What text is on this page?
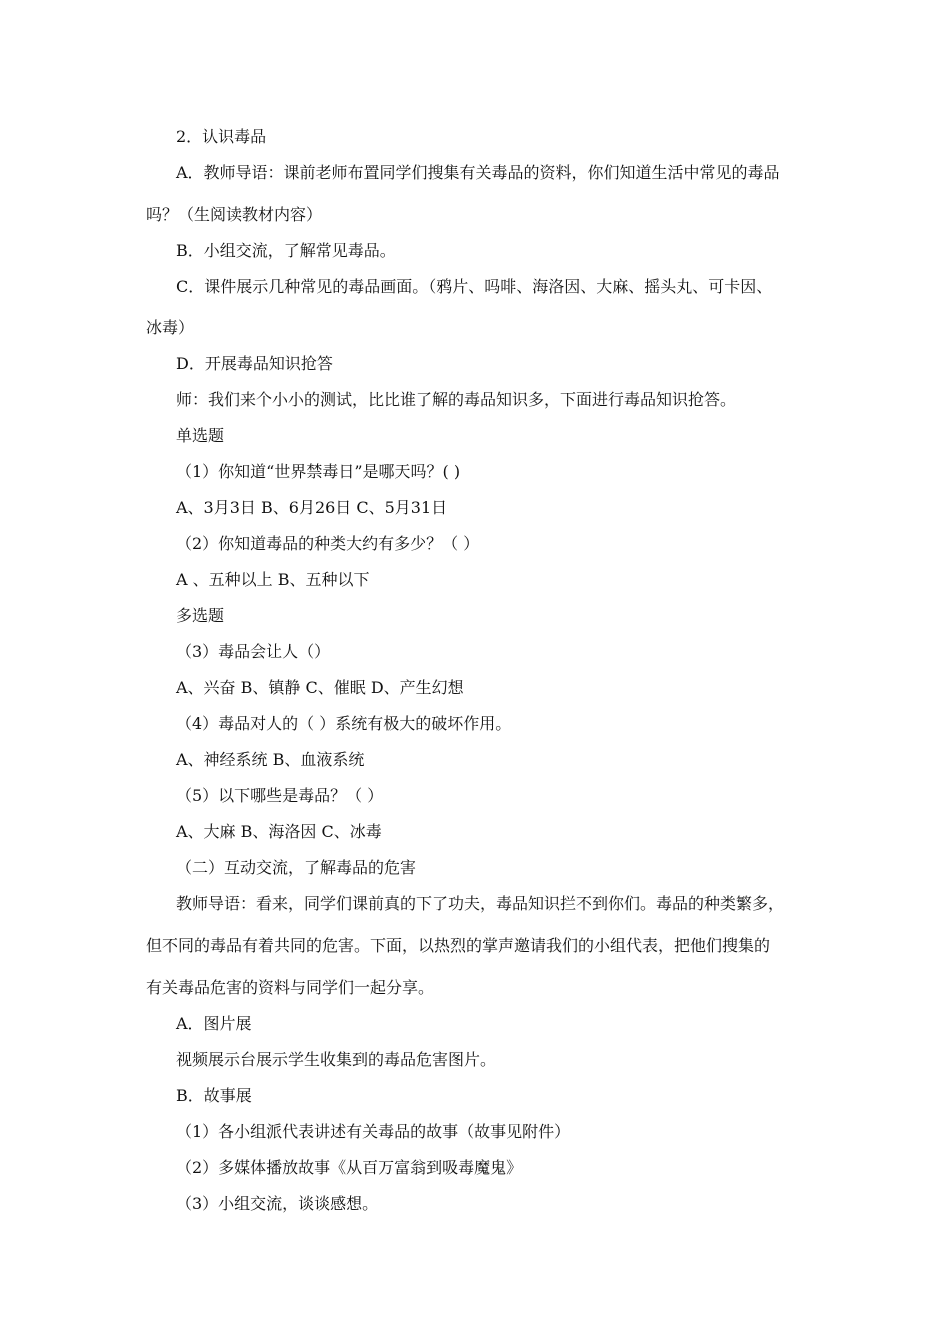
2．认识毒品
A．教师导语：课前老师布置同学们搜集有关毒品的资料，你们知道生活中常见的毒品
吗？（生阅读教材内容）
B．小组交流，了解常见毒品。
C．课件展示几种常见的毒品画面。（鸦片、吗啡、海洛因、大麻、摇头丸、可卡因、
冰毒）
D．开展毒品知识抢答
师：我们来个小小的测试，比比谁了解的毒品知识多，下面进行毒品知识抢答。
单选题
（1）你知道“世界禁毒日”是哪天吗？( )
A、3月3日 B、6月26日 C、5月31日
（2）你知道毒品的种类大约有多少？（ ）
A 、五种以上 B、五种以下
多选题
（3）毒品会让人（）
A、兴奋 B、镇静 C、催眠 D、产生幻想
（4）毒品对人的（ ）系统有极大的破坏作用。
A、神经系统 B、血液系统
（5）以下哪些是毒品？（ ）
A、大麻 B、海洛因 C、冰毒
（二）互动交流，了解毒品的危害
教师导语：看来，同学们课前真的下了功夫，毒品知识拦不到你们。毒品的种类繁多，
但不同的毒品有着共同的危害。下面，以热烈的掌声邀请我们的小组代表，把他们搜集的
有关毒品危害的资料与同学们一起分享。
A．图片展
视频展示台展示学生收集到的毒品危害图片。
B．故事展
（1）各小组派代表讲述有关毒品的故事（故事见附件）
（2）多媒体播放故事《从百万富翁到吸毒魔鬼》
（3）小组交流，谈谈感想。
